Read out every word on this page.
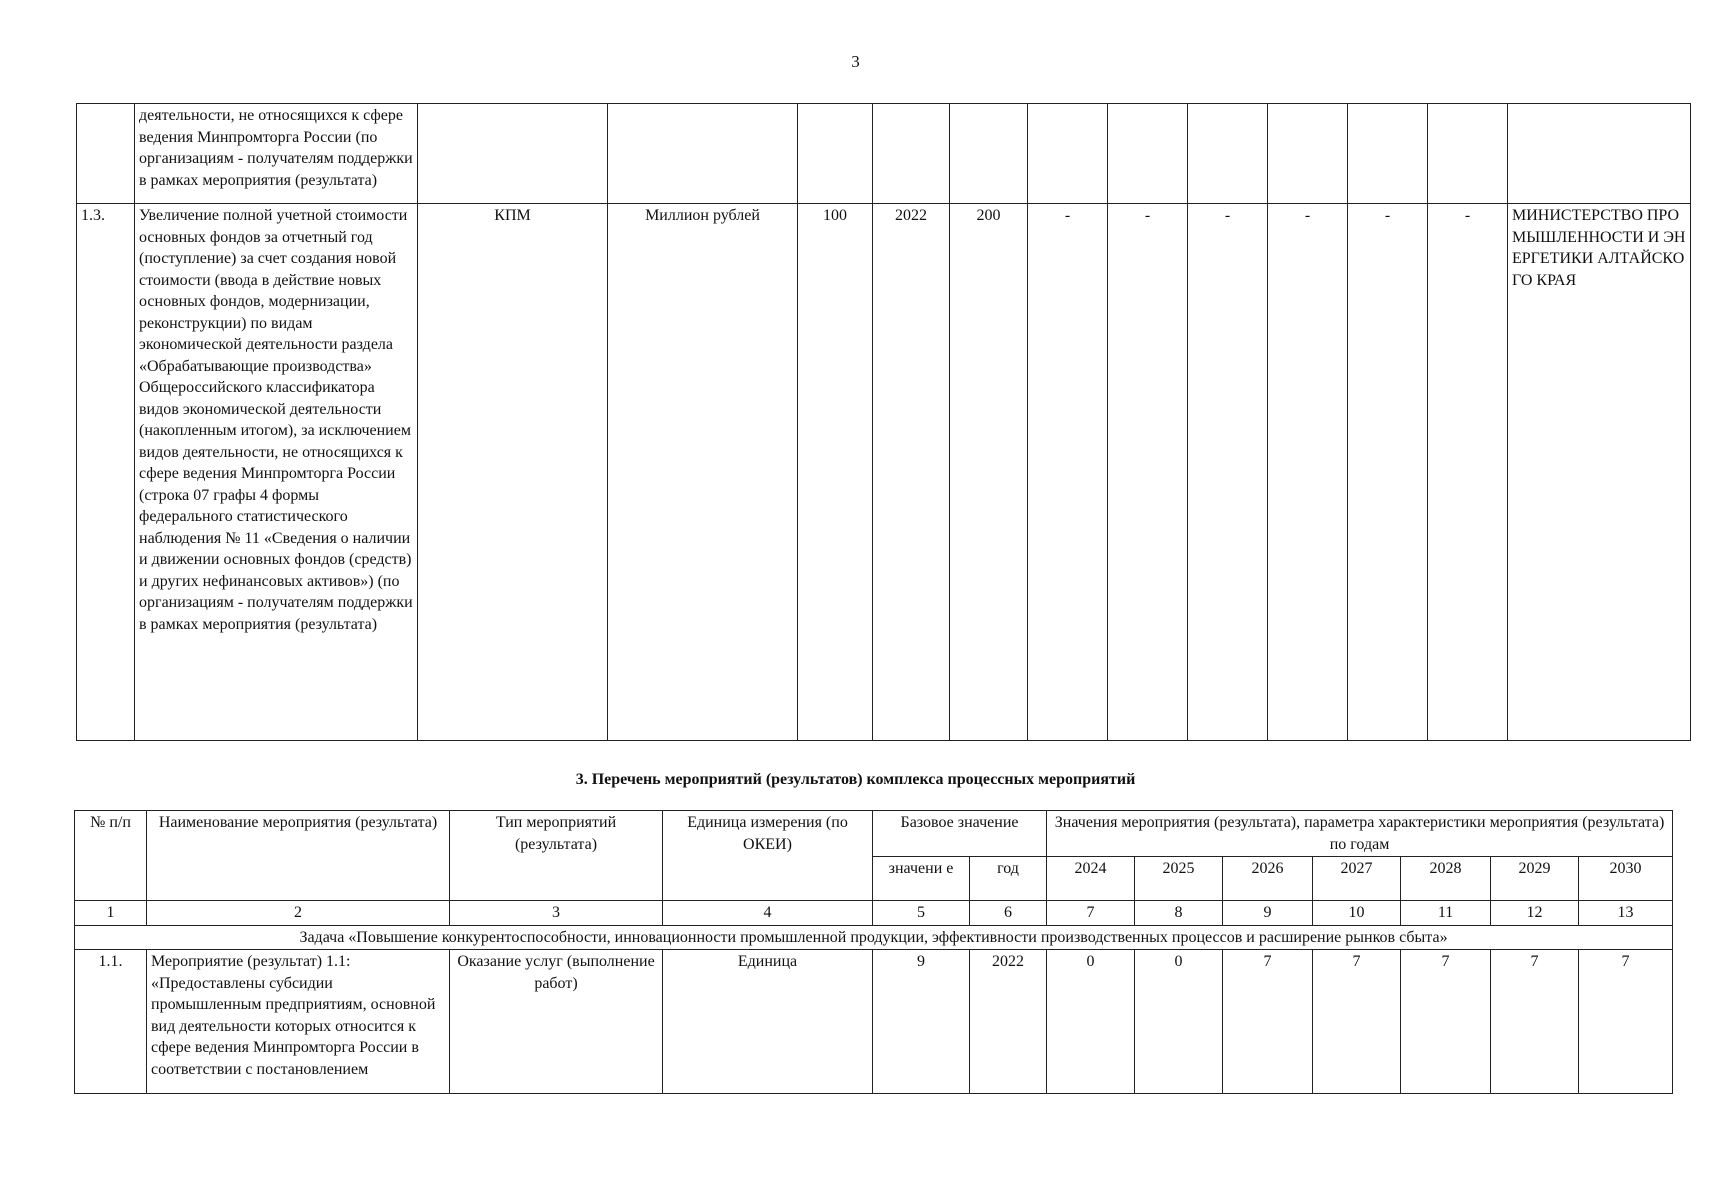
3
	деятельности, не относящихся к сфере ведения Минпромторга России (по организациям - получателям поддержки в рамках мероприятия (результата)												
1.3.	Увеличение полной учетной стоимости основных фондов за отчетный год (поступление) за счет создания новой стоимости (ввода в действие новых основных фондов, модернизации, реконструкции) по видам экономической деятельности раздела «Обрабатывающие производства» Общероссийского классификатора видов экономической деятельности (накопленным итогом), за исключением видов деятельности, не относящихся к сфере ведения Минпромторга России (строка 07 графы 4 формы федерального статистического наблюдения № 11 «Сведения о наличии и движении основных фондов (средств) и других нефинансовых активов») (по организациям - получателям поддержки в рамках мероприятия (результата)	КПМ	Миллион рублей	100	2022	200	-	-	-	-	-	-	МИНИСТЕРСТВО ПРОМЫШЛЕННОСТИ И ЭНЕРГЕТИКИ АЛТАЙСКОГО КРАЯ
3. Перечень мероприятий (результатов) комплекса процессных мероприятий
№ п/п	Наименование мероприятия (результата)	Тип мероприятий (результата)	Единица измерения (по ОКЕИ)	Базовое значение		Значения мероприятия (результата), параметра характеристики мероприятия (результата) по годам						
				значени е	год	2024	2025	2026	2027	2028	2029	2030
1	2	3	4	5	6	7	8	9	10	11	12	13
Задача «Повышение конкурентоспособности, инновационности промышленной продукции, эффективности производственных процессов и расширение рынков сбыта»												
1.1.	Мероприятие (результат) 1.1: «Предоставлены субсидии промышленным предприятиям, основной вид деятельности которых относится к сфере ведения Минпромторга России в соответствии с постановлением	Оказание услуг (выполнение работ)	Единица	9	2022	0	0	7	7	7	7	7
